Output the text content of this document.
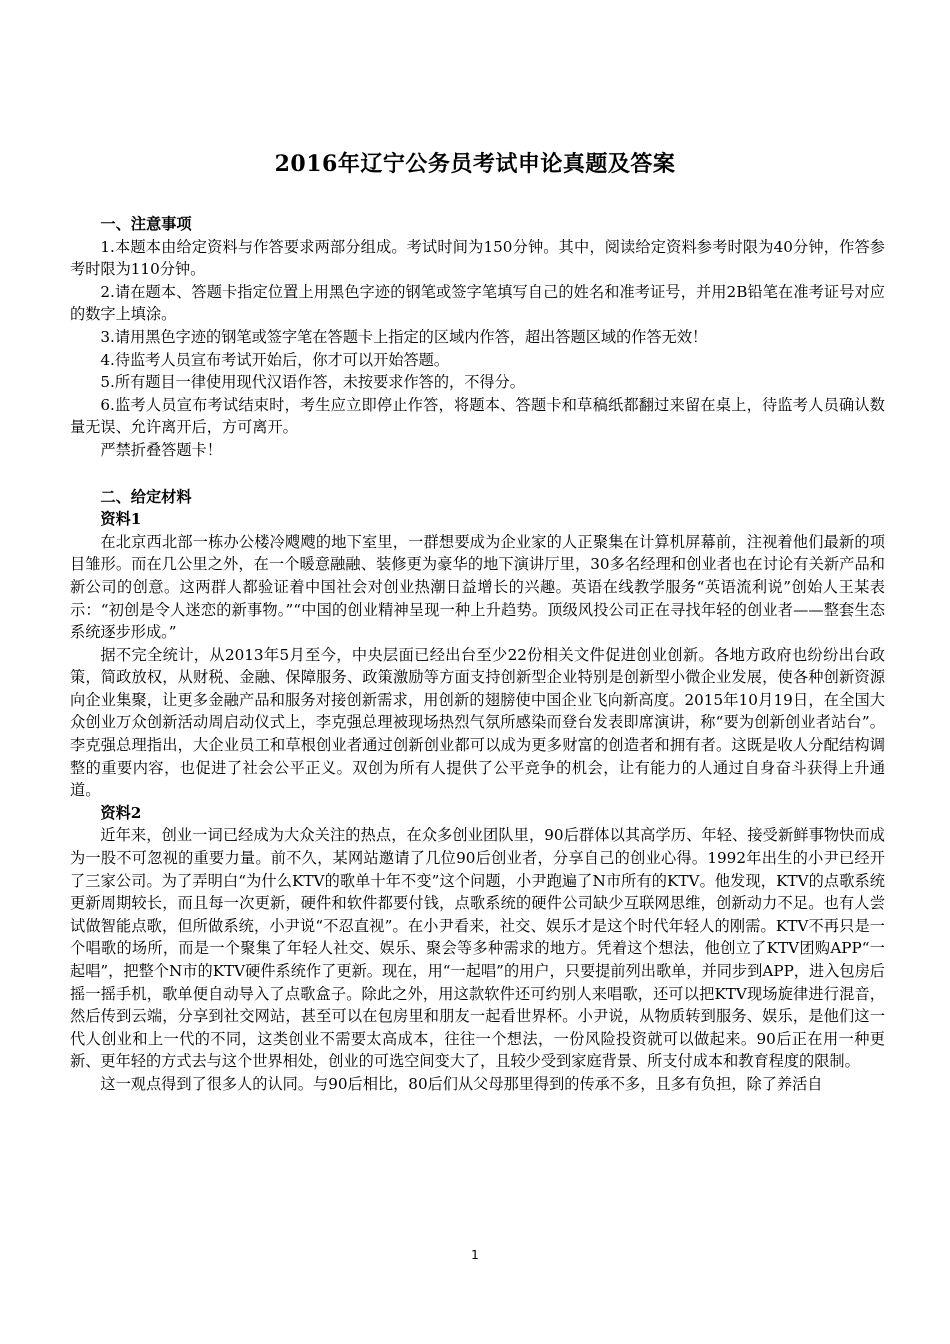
2016年辽宁公务员考试申论真题及答案

一、注意事项

1.本题本由给定资料与作答要求两部分组成。考试时间为150分钟。其中，阅读给定资料参考时限为40分钟，作答参考时限为110分钟。

2.请在题本、答题卡指定位置上用黑色字迹的钢笔或签字笔填写自己的姓名和准考证号，并用2B铅笔在准考证号对应的数字上填涂。

3.请用黑色字迹的钢笔或签字笔在答题卡上指定的区域内作答，超出答题区域的作答无效！

4.待监考人员宣布考试开始后，你才可以开始答题。

5.所有题目一律使用现代汉语作答，未按要求作答的，不得分。

6.监考人员宣布考试结束时，考生应立即停止作答，将题本、答题卡和草稿纸都翻过来留在桌上，待监考人员确认数量无误、允许离开后，方可离开。

严禁折叠答题卡！

二、给定材料

资料1

在北京西北部一栋办公楼冷飕飕的地下室里，一群想要成为企业家的人正聚集在计算机屏幕前，注视着他们最新的项目雏形。而在几公里之外，在一个暖意融融、装修更为豪华的地下演讲厅里，30多名经理和创业者也在讨论有关新产品和新公司的创意。这两群人都验证着中国社会对创业热潮日益增长的兴趣。英语在线教学服务“英语流利说”创始人王某表示：“初创是令人迷恋的新事物。”“中国的创业精神呈现一种上升趋势。顶级风投公司正在寻找年轻的创业者——整套生态系统逐步形成。”

据不完全统计，从2013年5月至今，中央层面已经出台至少22份相关文件促进创业创新。各地方政府也纷纷出台政策，简政放权，从财税、金融、保障服务、政策激励等方面支持创新型企业特别是创新型小微企业发展，使各种创新资源向企业集聚，让更多金融产品和服务对接创新需求，用创新的翅膀使中国企业飞向新高度。2015年10月19日，在全国大众创业万众创新活动周启动仪式上，李克强总理被现场热烈气氛所感染而登台发表即席演讲，称“要为创新创业者站台”。李克强总理指出，大企业员工和草根创业者通过创新创业都可以成为更多财富的创造者和拥有者。这既是收人分配结构调整的重要内容，也促进了社会公平正义。双创为所有人提供了公平竞争的机会，让有能力的人通过自身奋斗获得上升通道。

资料2

近年来，创业一词已经成为大众关注的热点，在众多创业团队里，90后群体以其高学历、年轻、接受新鲜事物快而成为一股不可忽视的重要力量。前不久，某网站邀请了几位90后创业者，分享自己的创业心得。1992年出生的小尹已经开了三家公司。为了弄明白“为什么KTV的歌单十年不变”这个问题，小尹跑遍了N市所有的KTV。他发现，KTV的点歌系统更新周期较长，而且每一次更新，硬件和软件都要付钱，点歌系统的硬件公司缺少互联网思维，创新动力不足。也有人尝试做智能点歌，但所做系统，小尹说“不忍直视”。在小尹看来，社交、娱乐才是这个时代年轻人的刚需。KTV不再只是一个唱歌的场所，而是一个聚集了年轻人社交、娱乐、聚会等多种需求的地方。凭着这个想法，他创立了KTV团购APP“一起唱”，把整个N市的KTV硬件系统作了更新。现在，用“一起唱”的用户，只要提前列出歌单，并同步到APP，进入包房后摇一摇手机，歌单便自动导入了点歌盒子。除此之外，用这款软件还可约别人来唱歌，还可以把KTV现场旋律进行混音，然后传到云端，分享到社交网站，甚至可以在包房里和朋友一起看世界杯。小尹说，从物质转到服务、娱乐，是他们这一代人创业和上一代的不同，这类创业不需要太高成本，往往一个想法，一份风险投资就可以做起来。90后正在用一种更新、更年轻的方式去与这个世界相处，创业的可选空间变大了，且较少受到家庭背景、所支付成本和教育程度的限制。

这一观点得到了很多人的认同。与90后相比，80后们从父母那里得到的传承不多，且多有负担，除了养活自

1
